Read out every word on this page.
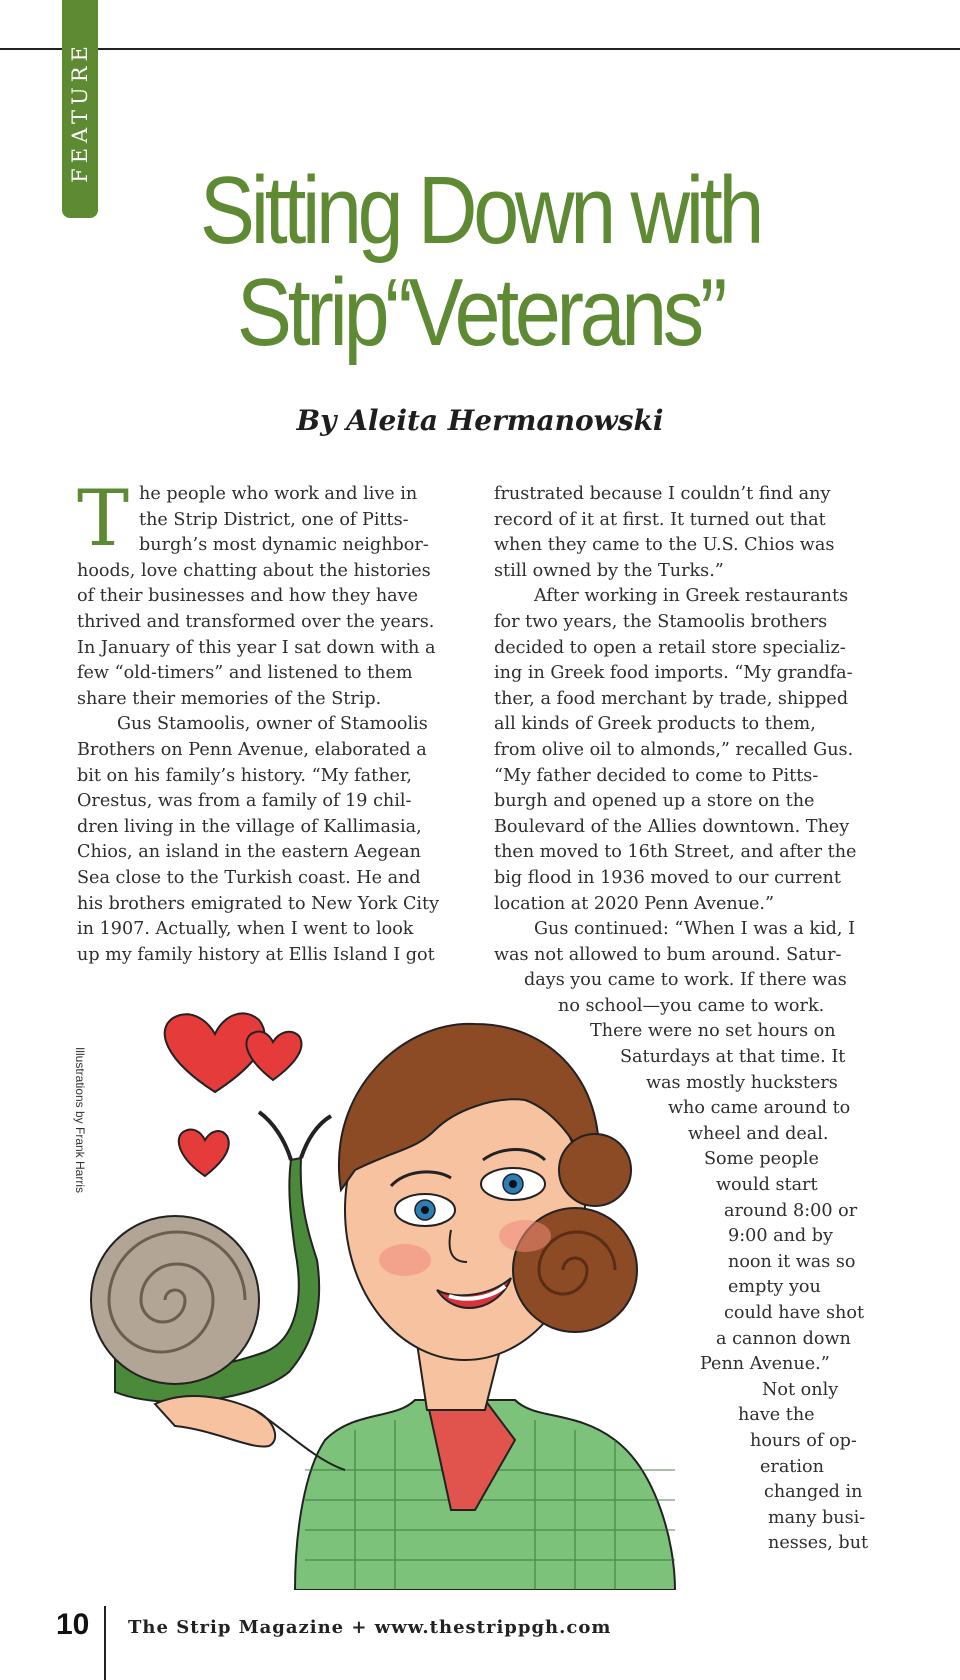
FEATURE
Sitting Down with
Strip“Veterans”
By Aleita Hermanowski
T he people who work and live in
the Strip District, one of Pitts-
burgh’s most dynamic neighbor-
hoods, love chatting about the histories
of their businesses and how they have
thrived and transformed over the years.
In January of this year I sat down with a
few “old-timers” and listened to them
share their memories of the Strip.
Gus Stamoolis, owner of Stamoolis
Brothers on Penn Avenue, elaborated a
bit on his family’s history. “My father,
Orestus, was from a family of 19 chil-
dren living in the village of Kallimasia,
Chios, an island in the eastern Aegean
Sea close to the Turkish coast. He and
his brothers emigrated to New York City
in 1907. Actually, when I went to look
up my family history at Ellis Island I got
frustrated because I couldn’t find any
record of it at first. It turned out that
when they came to the U.S. Chios was
still owned by the Turks.”
After working in Greek restaurants
for two years, the Stamoolis brothers
decided to open a retail store specializ-
ing in Greek food imports. “My grandfa-
ther, a food merchant by trade, shipped
all kinds of Greek products to them,
from olive oil to almonds,” recalled Gus.
“My father decided to come to Pitts-
burgh and opened up a store on the
Boulevard of the Allies downtown. They
then moved to 16th Street, and after the
big flood in 1936 moved to our current
location at 2020 Penn Avenue.”
Gus continued: “When I was a kid, I
was not allowed to bum around. Satur-
days you came to work. If there was
no school—you came to work.
There were no set hours on
Saturdays at that time. It
was mostly hucksters
who came around to
wheel and deal.
Some people
would start
around 8:00 or
9:00 and by
noon it was so
empty you
could have shot
a cannon down
Penn Avenue.”
Not only
have the
hours of op-
eration
changed in
many busi-
nesses, but
Illustrations by Frank Harris
10 The Strip Magazine + www.thestrippgh.com
